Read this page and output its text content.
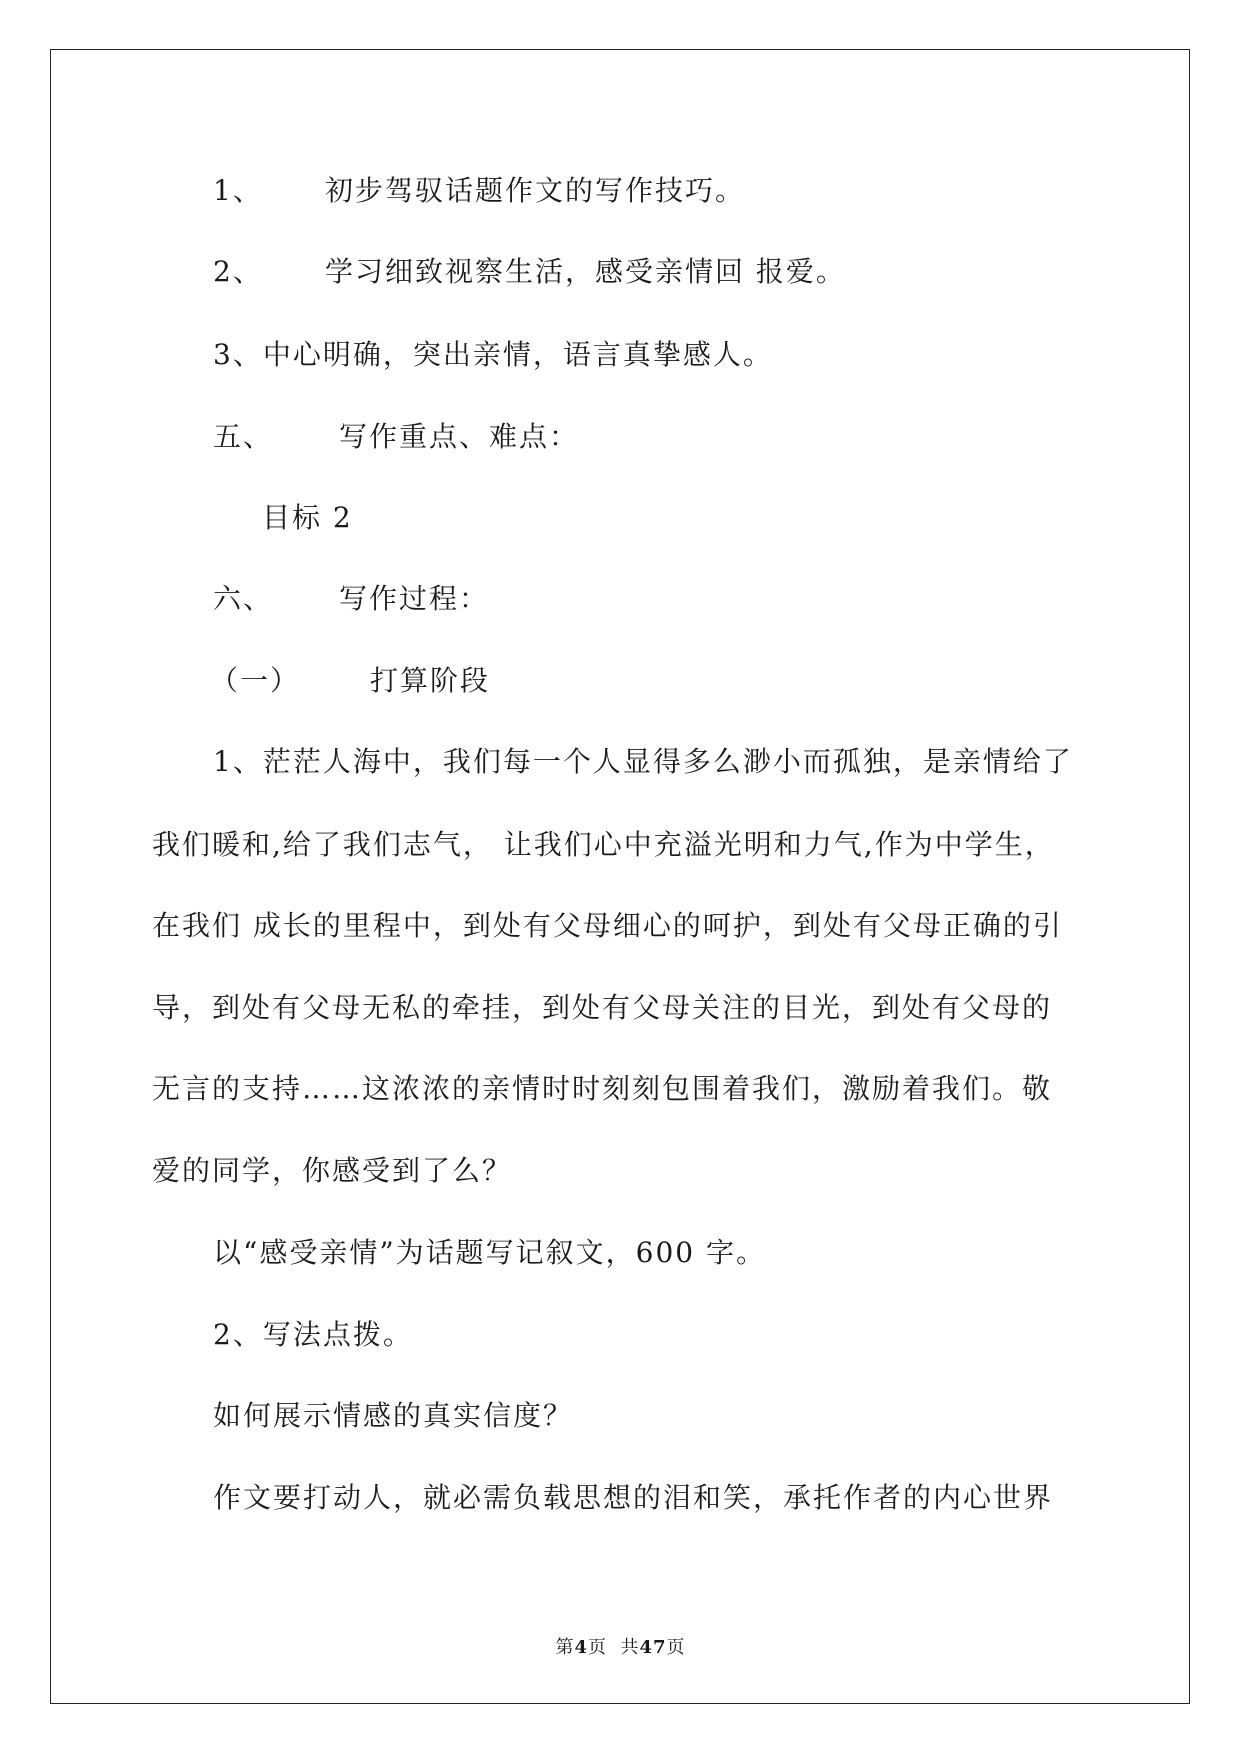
1、 初步驾驭话题作文的写作技巧。
2、 学习细致视察生活，感受亲情回 报爱。
3、中心明确，突出亲情，语言真挚感人。
五、 写作重点、难点：
目标 2
六、 写作过程：
（一） 打算阶段
1、茫茫人海中，我们每一个人显得多么渺小而孤独，是亲情给了
我们暖和,给了我们志气， 让我们心中充溢光明和力气,作为中学生，
在我们 成长的里程中，到处有父母细心的呵护，到处有父母正确的引
导，到处有父母无私的牵挂，到处有父母关注的目光，到处有父母的
无言的支持……这浓浓的亲情时时刻刻包围着我们，激励着我们。敬
爱的同学，你感受到了么？
以“感受亲情”为话题写记叙文，600 字。
2、写法点拨。
如何展示情感的真实信度？
作文要打动人，就必需负载思想的泪和笑，承托作者的内心世界
第4页  共47页
